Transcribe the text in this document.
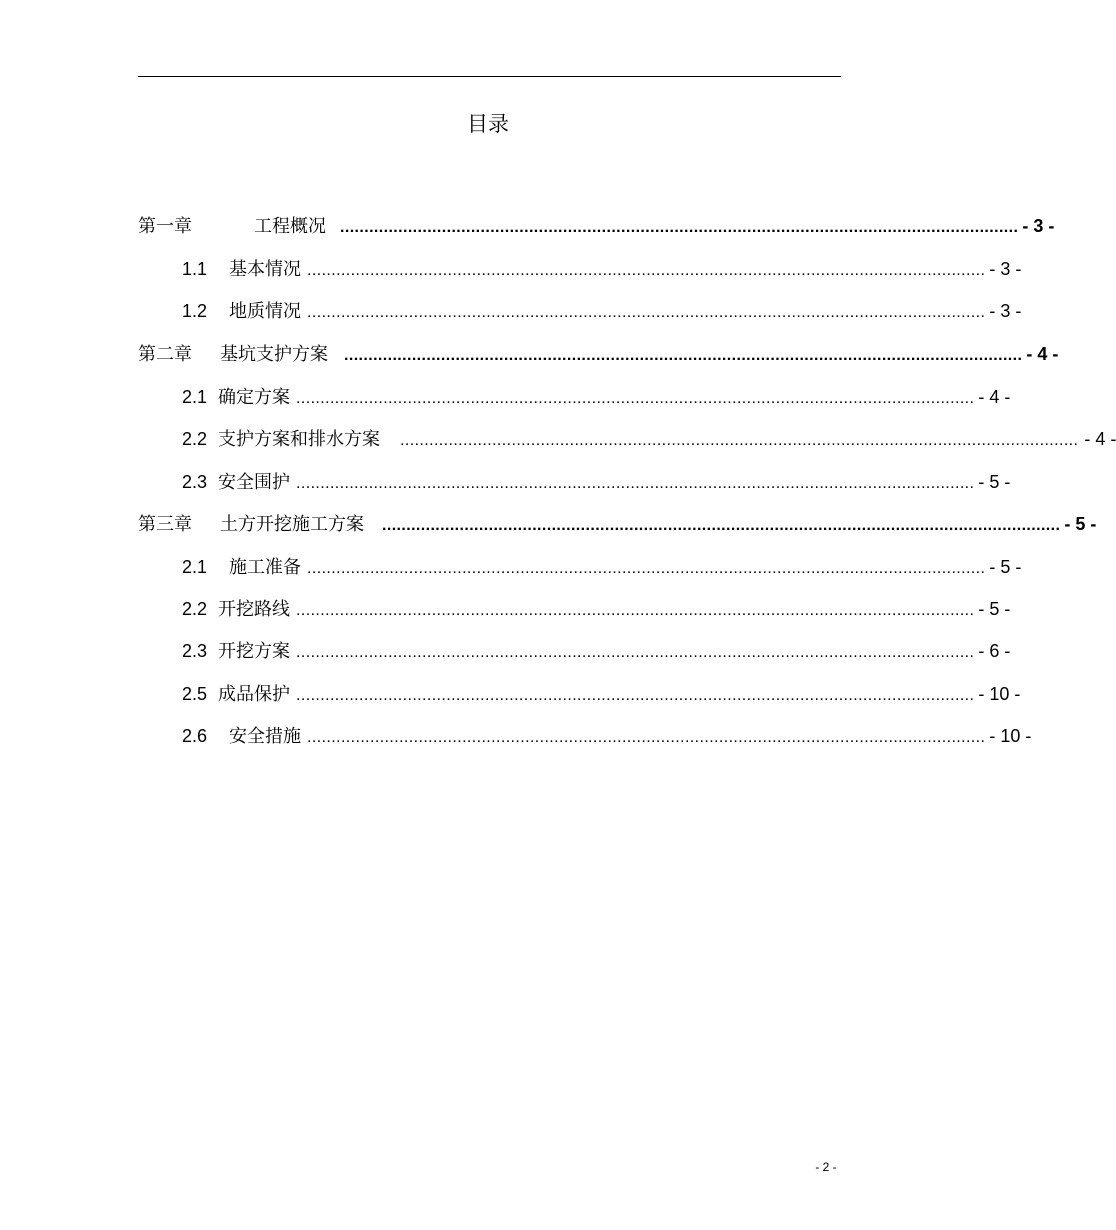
目录
第一章	工程概况 ............................................................................................................................................ - 3 -
1.1 基本情况 ............................................................................................................................................ - 3 -
1.2 地质情况 ............................................................................................................................................ - 3 -
第二章 基坑支护方案 ............................................................................................................................................ - 4 -
2.1 确定方案 ............................................................................................................................................ - 4 -
2.2 支护方案和排水方案 ............................................................................................................................................ - 4 -
2.3 安全围护 ............................................................................................................................................ - 5 -
第三章 土方开挖施工方案 ............................................................................................................................................ - 5 -
2.1 施工准备 ............................................................................................................................................ - 5 -
2.2 开挖路线 ............................................................................................................................................ - 5 -
2.3 开挖方案 ............................................................................................................................................ - 6 -
2.5 成品保护 ............................................................................................................................................ - 10 -
2.6 安全措施 ............................................................................................................................................ - 10 -
- 2 -
